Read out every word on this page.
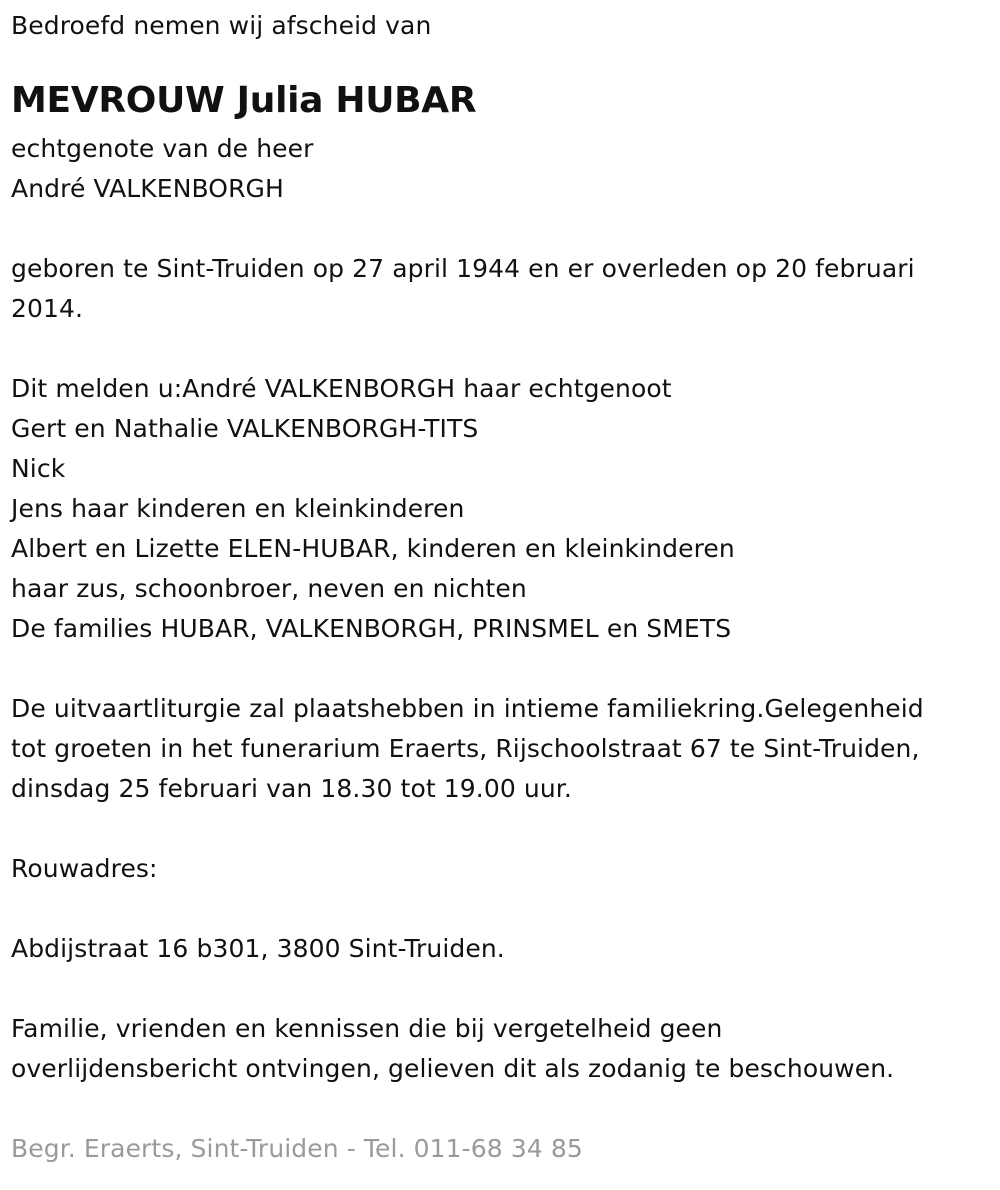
Bedroefd nemen wij afscheid van
MEVROUW Julia HUBAR
echtgenote van de heer
André VALKENBORGH
geboren te Sint-Truiden op 27 april 1944 en er overleden op 20 februari
2014.
Dit melden u:André VALKENBORGH haar echtgenoot
Gert en Nathalie VALKENBORGH-TITS
Nick
Jens haar kinderen en kleinkinderen
Albert en Lizette ELEN-HUBAR, kinderen en kleinkinderen
haar zus, schoonbroer, neven en nichten
De families HUBAR, VALKENBORGH, PRINSMEL en SMETS
De uitvaartliturgie zal plaatshebben in intieme familiekring.Gelegenheid
tot groeten in het funerarium Eraerts, Rijschoolstraat 67 te Sint-Truiden,
dinsdag 25 februari van 18.30 tot 19.00 uur.
Rouwadres:
Abdijstraat 16 b301, 3800 Sint-Truiden.
Familie, vrienden en kennissen die bij vergetelheid geen
overlijdensbericht ontvingen, gelieven dit als zodanig te beschouwen.
Begr. Eraerts, Sint-Truiden - Tel. 011-68 34 85
